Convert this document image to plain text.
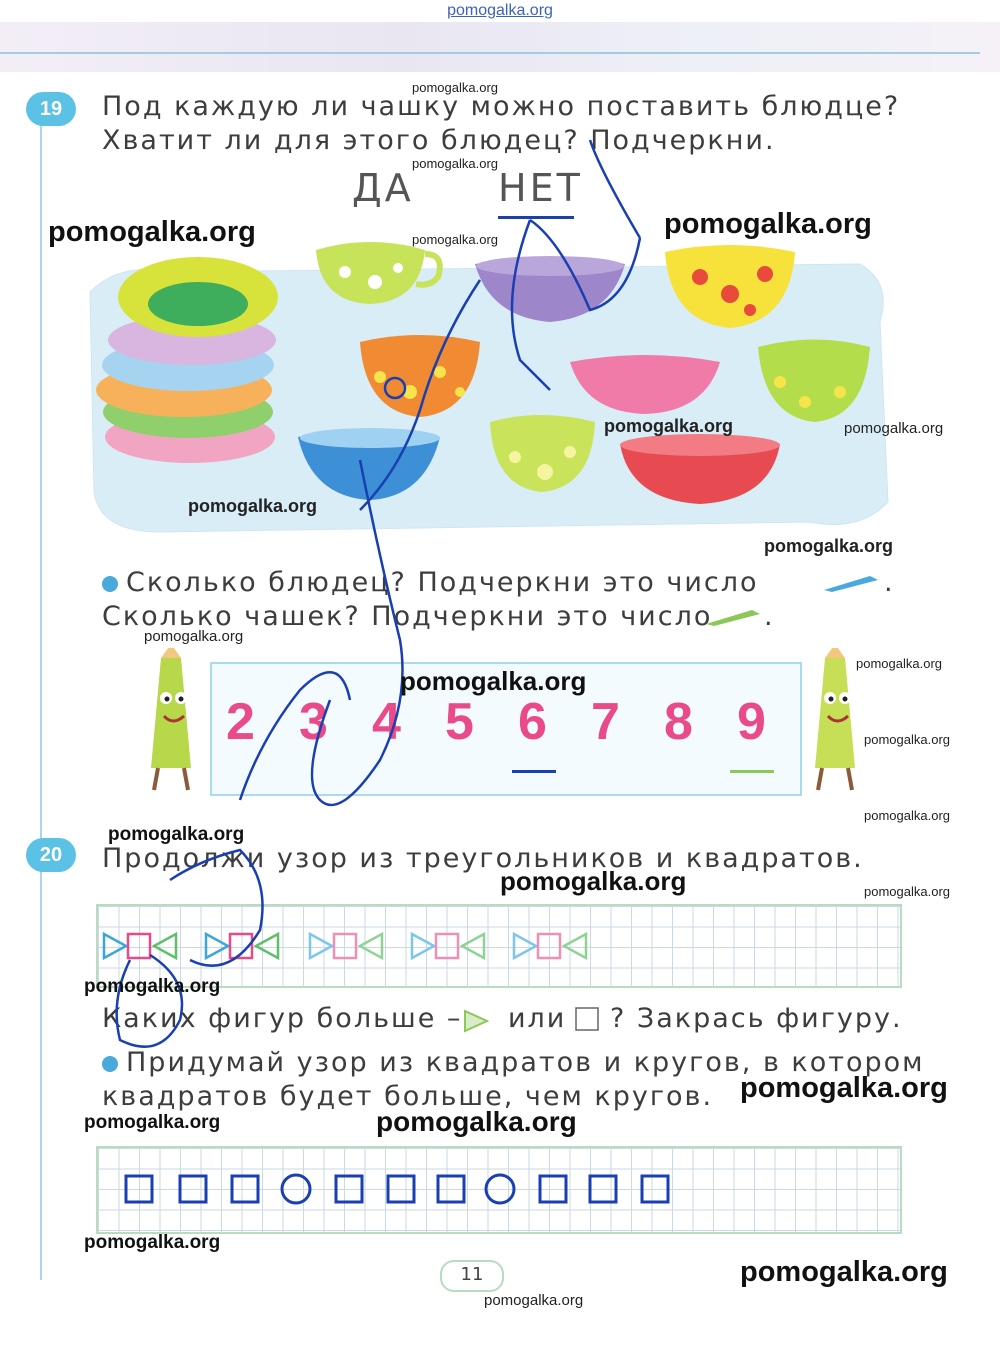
pomogalka.org
19	Под каждую ли чашку можно поставить блюдце?
Хватит ли для этого блюдец? Подчеркни.
ДА НЕТ
Сколько блюдец? Подчеркни это число	.
Сколько чашек? Подчеркни это число .
2 3 4 5 6 7 8 9
20	Продолжи узор из треугольников и квадратов.
Каких фигур больше – или ? Закрась фигуру.
Придумай узор из квадратов и кругов, в котором
квадратов будет больше, чем кругов.
11
pomogalka.org
pomogalka.org
pomogalka.org
pomogalka.org	pomogalka.org
pomogalka.org	pomogalka.org
pomogalka.org
pomogalka.org
pomogalka.org
pomogalka.org
pomogalka.org
pomogalka.org
pomogalka.org
pomogalka.org
pomogalka.org	pomogalka.org
pomogalka.org
pomogalka.org
pomogalka.org	pomogalka.org
pomogalka.org
pomogalka.org
pomogalka.org
